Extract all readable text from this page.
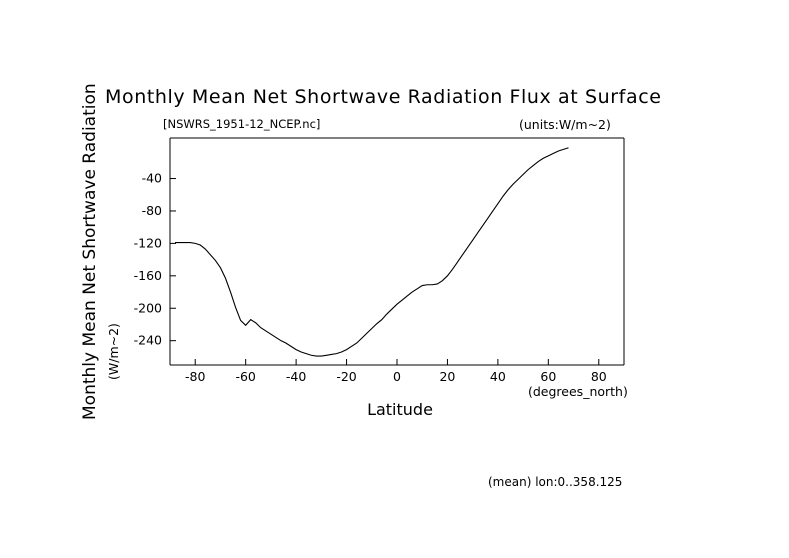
Monthly Mean Net Shortwave Radiation Flux at Surface
[NSWRS_1951-12_NCEP.nc]	(units:W/m~2)
Monthly Mean Net Shortwave Radiation	Latitude
(degrees_north)
(mean) lon:0..358.125
(W/m~2)	-80 -60 -40 -20	0	20	40	60	80
-40
-80
-120
-160
-200
-240
